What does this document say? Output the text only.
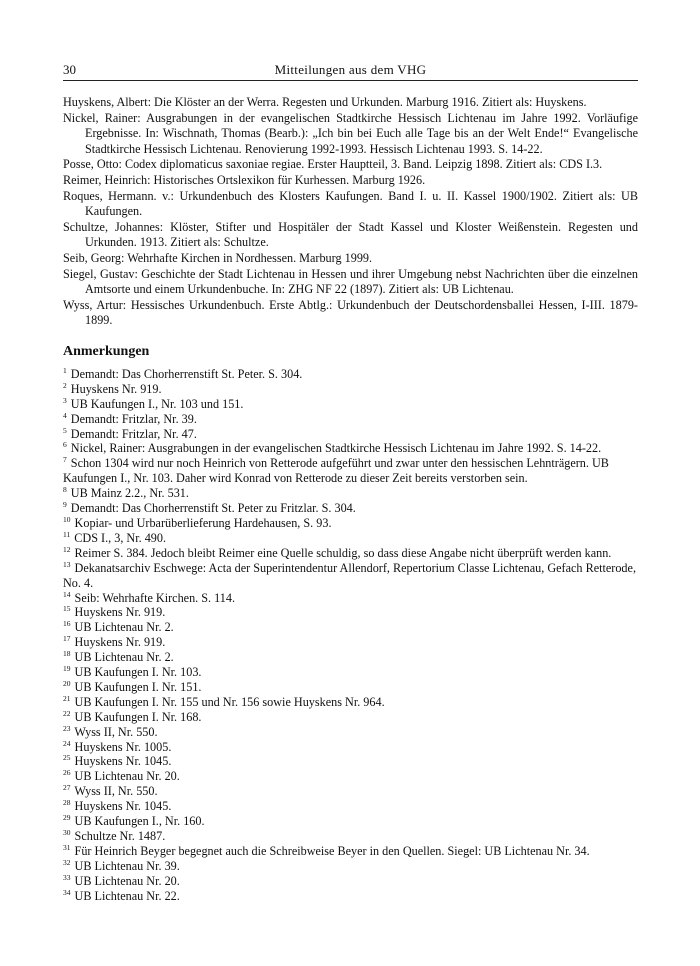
30	Mitteilungen aus dem VHG

Huyskens, Albert: Die Klöster an der Werra. Regesten und Urkunden. Marburg 1916. Zitiert als: Huyskens.

Nickel, Rainer: Ausgrabungen in der evangelischen Stadtkirche Hessisch Lichtenau im Jahre 1992. Vorläufige Ergebnisse. In: Wischnath, Thomas (Bearb.): „Ich bin bei Euch alle Tage bis an der Welt Ende!“ Evangelische Stadtkirche Hessisch Lichtenau. Renovierung 1992-1993. Hessisch Lichtenau 1993. S. 14-22.

Posse, Otto: Codex diplomaticus saxoniae regiae. Erster Hauptteil, 3. Band. Leipzig 1898. Zitiert als: CDS I.3.

Reimer, Heinrich: Historisches Ortslexikon für Kurhessen. Marburg 1926.

Roques, Hermann. v.: Urkundenbuch des Klosters Kaufungen. Band I. u. II. Kassel 1900/1902. Zitiert als: UB Kaufungen.

Schultze, Johannes: Klöster, Stifter und Hospitäler der Stadt Kassel und Kloster Weißenstein. Regesten und Urkunden. 1913. Zitiert als: Schultze.

Seib, Georg: Wehrhafte Kirchen in Nordhessen. Marburg 1999.

Siegel, Gustav: Geschichte der Stadt Lichtenau in Hessen und ihrer Umgebung nebst Nachrichten über die einzelnen Amtsorte und einem Urkundenbuche. In: ZHG NF 22 (1897). Zitiert als: UB Lichtenau.

Wyss, Artur: Hessisches Urkundenbuch. Erste Abtlg.: Urkundenbuch der Deutschordensballei Hessen, I-III. 1879-1899.

Anmerkungen

$^1$ Demandt: Das Chorherrenstift St. Peter. S. 304.

$^2$ Huyskens Nr. 919.

$^3$ UB Kaufungen I., Nr. 103 und 151.

$^4$ Demandt: Fritzlar, Nr. 39.

$^5$ Demandt: Fritzlar, Nr. 47.

$^6$ Nickel, Rainer: Ausgrabungen in der evangelischen Stadtkirche Hessisch Lichtenau im Jahre 1992. S. 14-22.

$^7$ Schon 1304 wird nur noch Heinrich von Retterode aufgeführt und zwar unter den hessischen Lehnträgern. UB Kaufungen I., Nr. 103. Daher wird Konrad von Retterode zu dieser Zeit bereits verstorben sein.

$^8$ UB Mainz 2.2., Nr. 531.

$^9$ Demandt: Das Chorherrenstift St. Peter zu Fritzlar. S. 304.

$^{10}$ Kopiar- und Urbarüberlieferung Hardehausen, S. 93.

$^{11}$ CDS I., 3, Nr. 490.

$^{12}$ Reimer S. 384. Jedoch bleibt Reimer eine Quelle schuldig, so dass diese Angabe nicht überprüft werden kann.

$^{13}$ Dekanatsarchiv Eschwege: Acta der Superintendentur Allendorf, Repertorium Classe Lichtenau, Gefach Retterode, No. 4.

$^{14}$ Seib: Wehrhafte Kirchen. S. 114.

$^{15}$ Huyskens Nr. 919.

$^{16}$ UB Lichtenau Nr. 2.

$^{17}$ Huyskens Nr. 919.

$^{18}$ UB Lichtenau Nr. 2.

$^{19}$ UB Kaufungen I. Nr. 103.

$^{20}$ UB Kaufungen I. Nr. 151.

$^{21}$ UB Kaufungen I. Nr. 155 und Nr. 156 sowie Huyskens Nr. 964.

$^{22}$ UB Kaufungen I. Nr. 168.

$^{23}$ Wyss II, Nr. 550.

$^{24}$ Huyskens Nr. 1005.

$^{25}$ Huyskens Nr. 1045.

$^{26}$ UB Lichtenau Nr. 20.

$^{27}$ Wyss II, Nr. 550.

$^{28}$ Huyskens Nr. 1045.

$^{29}$ UB Kaufungen I., Nr. 160.

$^{30}$ Schultze Nr. 1487.

$^{31}$ Für Heinrich Beyger begegnet auch die Schreibweise Beyer in den Quellen. Siegel: UB Lichtenau Nr. 34.

$^{32}$ UB Lichtenau Nr. 39.

$^{33}$ UB Lichtenau Nr. 20.

$^{34}$ UB Lichtenau Nr. 22.
